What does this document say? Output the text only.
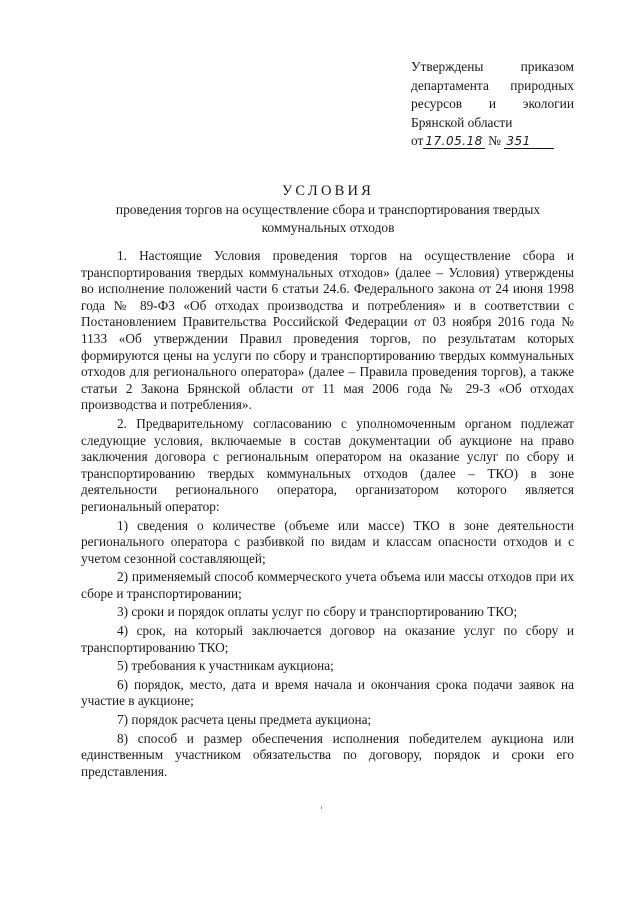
Утверждены приказом
департамента природных
ресурсов и экологии
Брянской области
от 17.05.18 № 351
УСЛОВИЯ
проведения торгов на осуществление сбора и транспортирования твердых
коммунальных отходов

1. Настоящие Условия проведения торгов на осуществление сбора и транспортирования твердых коммунальных отходов» (далее – Условия) утверждены во исполнение положений части 6 статьи 24.6. Федерального закона от 24 июня 1998 года № 89-ФЗ «Об отходах производства и потребления» и в соответствии с Постановлением Правительства Российской Федерации от 03 ноября 2016 года № 1133 «Об утверждении Правил проведения торгов, по результатам которых формируются цены на услуги по сбору и транспортированию твердых коммунальных отходов для регионального оператора» (далее – Правила проведения торгов), а также статьи 2 Закона Брянской области от 11 мая 2006 года № 29-З «Об отходах производства и потребления».

2. Предварительному согласованию с уполномоченным органом подлежат следующие условия, включаемые в состав документации об аукционе на право заключения договора с региональным оператором на оказание услуг по сбору и транспортированию твердых коммунальных отходов (далее – ТКО) в зоне деятельности регионального оператора, организатором которого является региональный оператор:

1) сведения о количестве (объеме или массе) ТКО в зоне деятельности регионального оператора с разбивкой по видам и классам опасности отходов и с учетом сезонной составляющей;

2) применяемый способ коммерческого учета объема или массы отходов при их сборе и транспортировании;

3) сроки и порядок оплаты услуг по сбору и транспортированию ТКО;

4) срок, на который заключается договор на оказание услуг по сбору и транспортированию ТКО;

5) требования к участникам аукциона;

6) порядок, место, дата и время начала и окончания срока подачи заявок на участие в аукционе;

7) порядок расчета цены предмета аукциона;

8) способ и размер обеспечения исполнения победителем аукциона или единственным участником обязательства по договору, порядок и сроки его представления.
